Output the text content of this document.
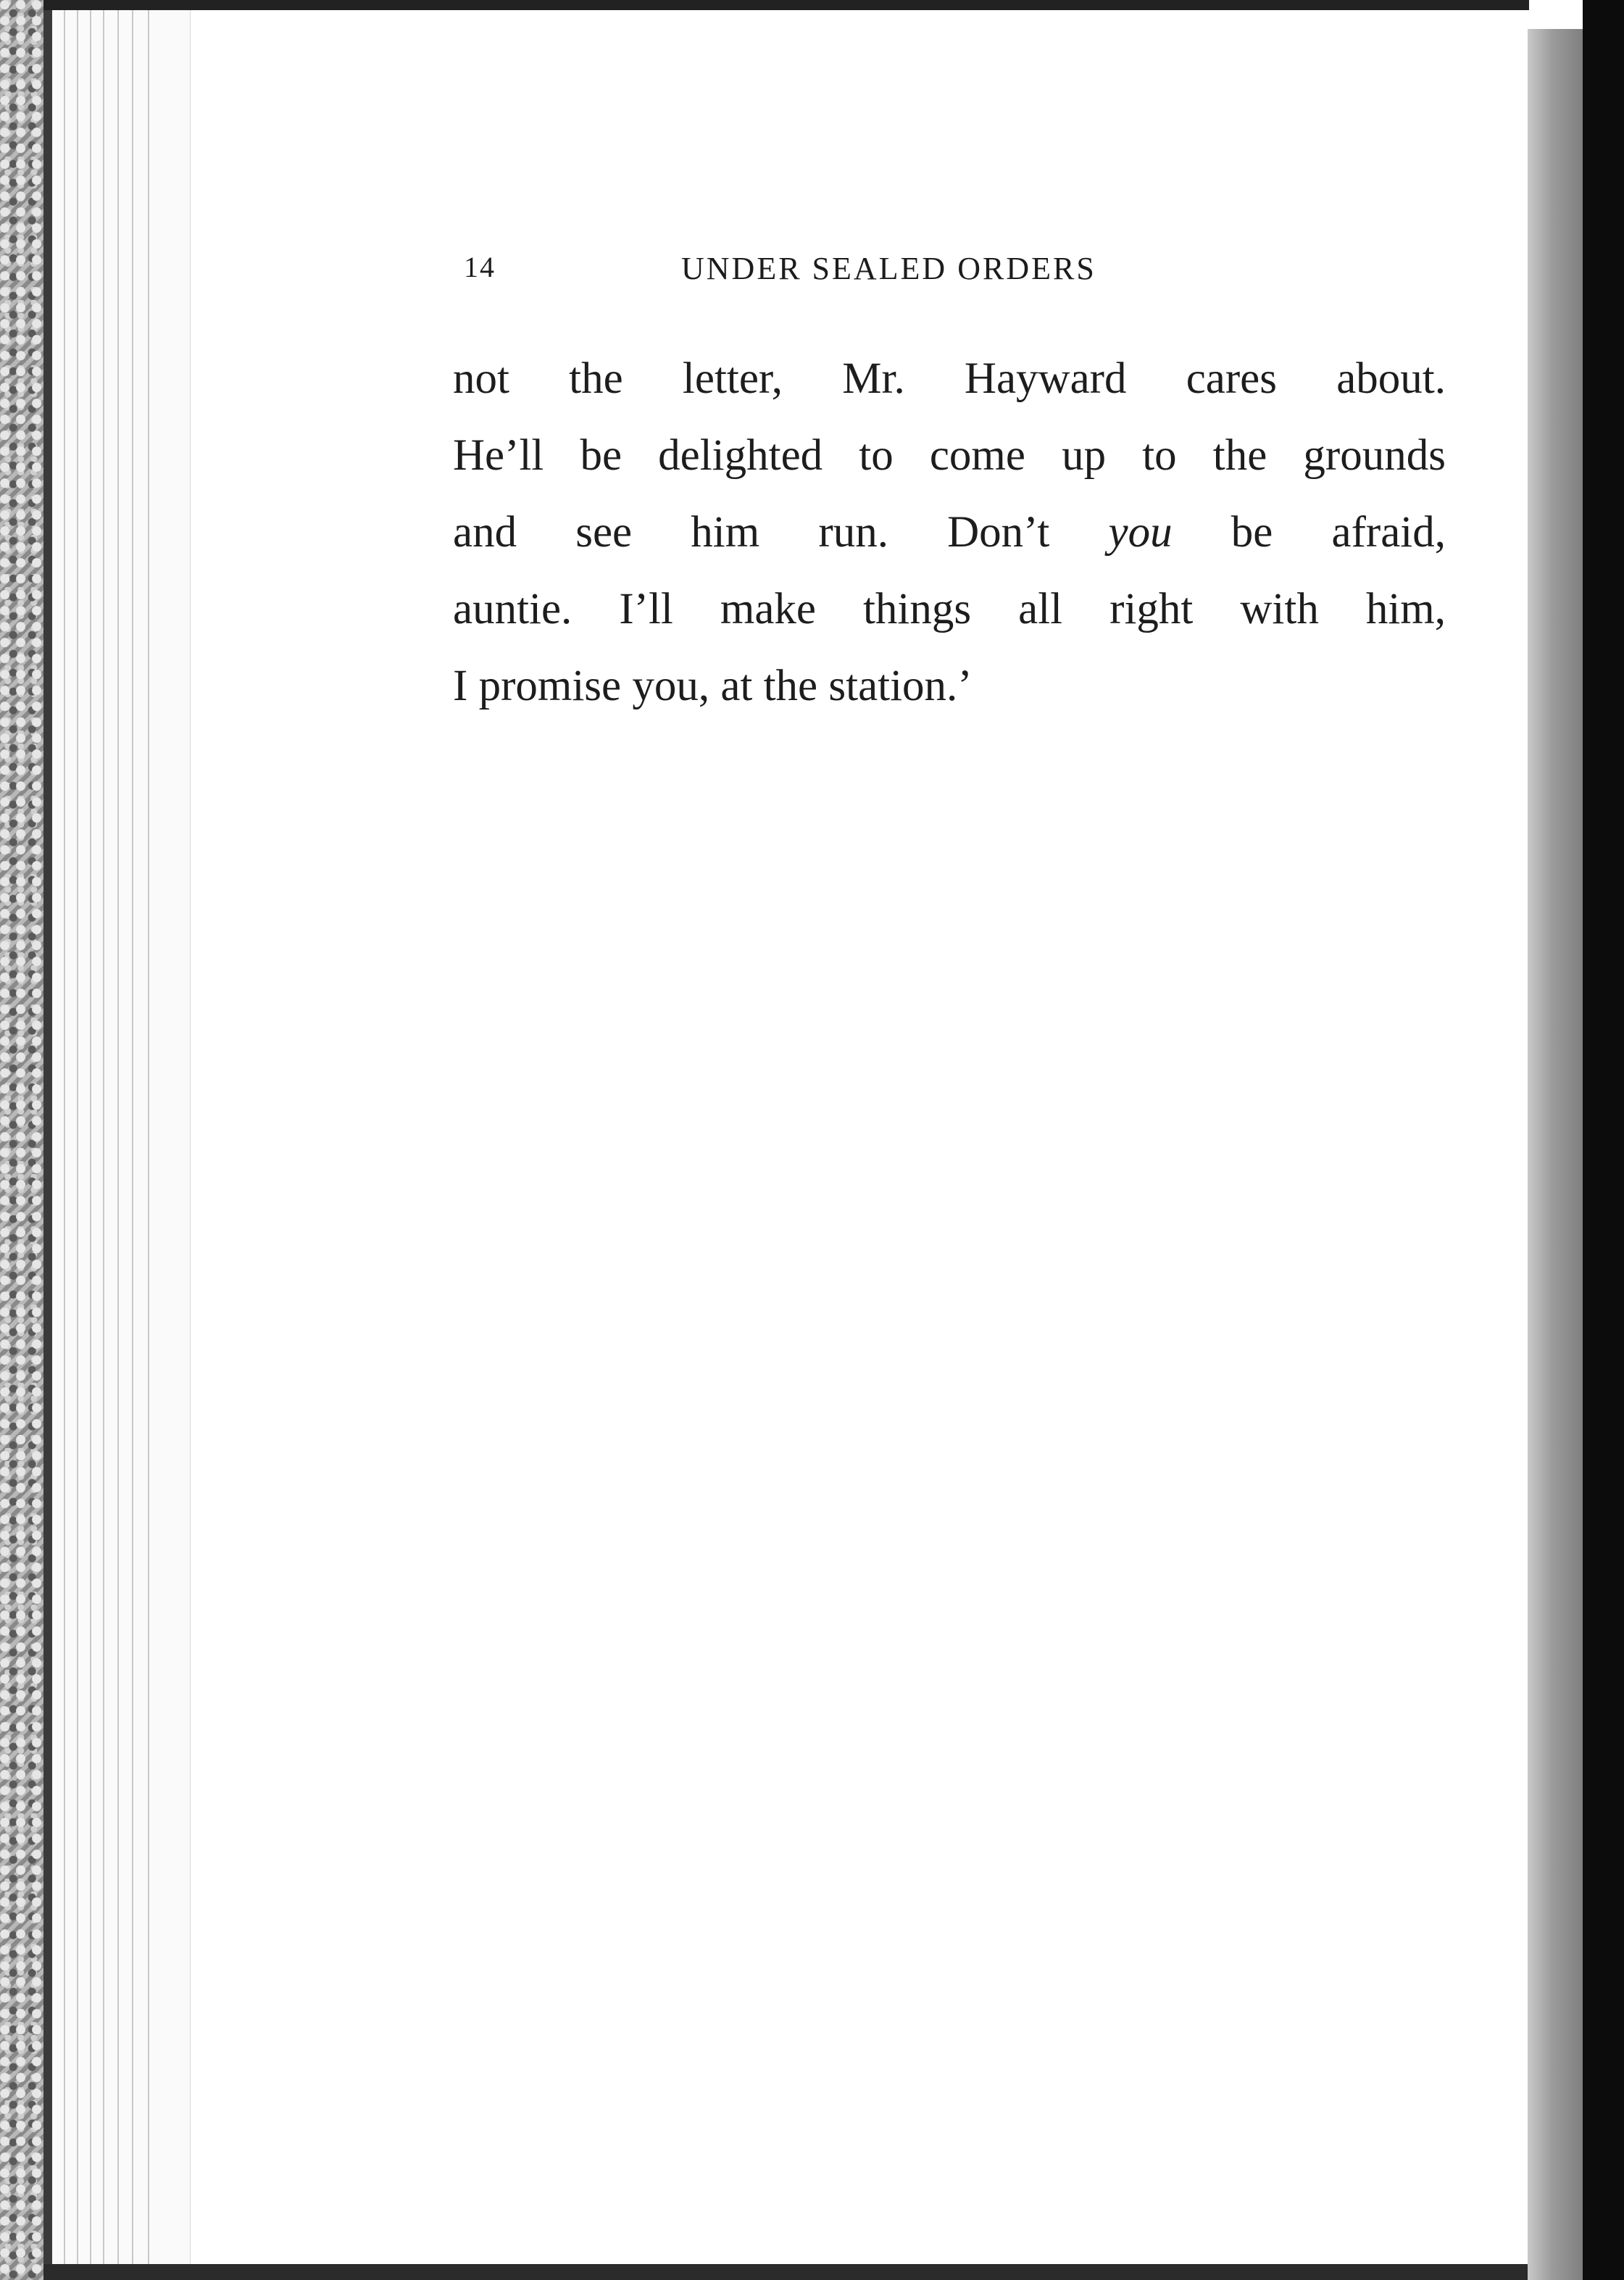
14	UNDER SEALED ORDERS
not the letter, Mr. Hayward cares about.
He’ll be delighted to come up to the grounds
and see him run. Don’t you be afraid,
auntie. I’ll make things all right with him,
I promise you, at the station.’
